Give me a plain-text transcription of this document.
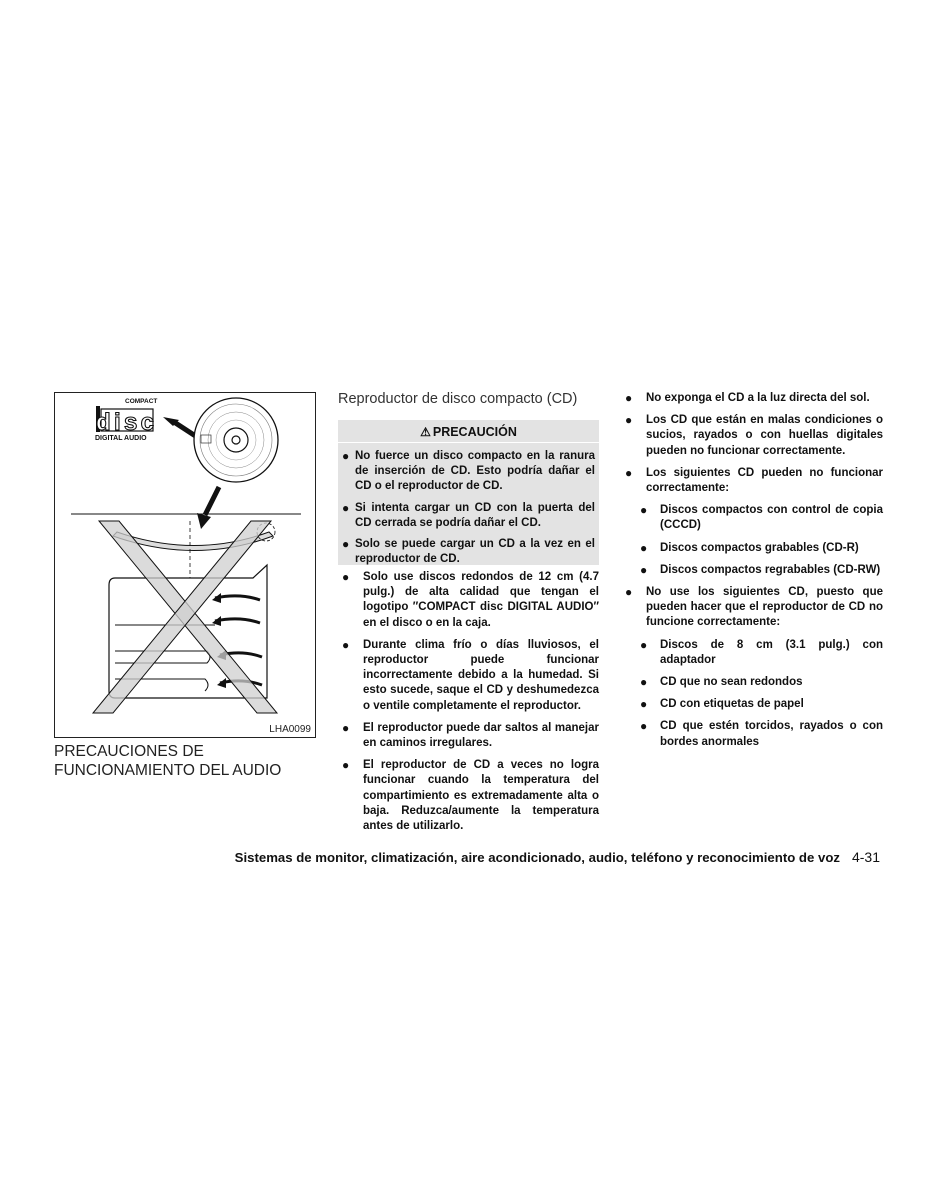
COMPACT
disc
DIGITAL AUDIO
LHA0099
PRECAUCIONES DE FUNCIONAMIENTO DEL AUDIO
Reproductor de disco compacto (CD)
⚠ PRECAUCIÓN
● No fuerce un disco compacto en la ranura de inserción de CD. Esto podría dañar el CD o el reproductor de CD.
● Si intenta cargar un CD con la puerta del CD cerrada se podría dañar el CD.
● Solo se puede cargar un CD a la vez en el reproductor de CD.
● Solo use discos redondos de 12 cm (4.7 pulg.) de alta calidad que tengan el logotipo ″COMPACT disc DIGITAL AUDIO″ en el disco o en la caja.
● Durante clima frío o días lluviosos, el reproductor puede funcionar incorrectamente debido a la humedad. Si esto sucede, saque el CD y deshumedezca o ventile completamente el reproductor.
● El reproductor puede dar saltos al manejar en caminos irregulares.
● El reproductor de CD a veces no logra funcionar cuando la temperatura del compartimiento es extremadamente alta o baja. Reduzca/aumente la temperatura antes de utilizarlo.
● No exponga el CD a la luz directa del sol.
● Los CD que están en malas condiciones o sucios, rayados o con huellas digitales pueden no funcionar correctamente.
● Los siguientes CD pueden no funcionar correctamente:
● Discos compactos con control de copia (CCCD)
● Discos compactos grabables (CD-R)
● Discos compactos regrabables (CD-RW)
● No use los siguientes CD, puesto que pueden hacer que el reproductor de CD no funcione correctamente:
● Discos de 8 cm (3.1 pulg.) con adaptador
● CD que no sean redondos
● CD con etiquetas de papel
● CD que estén torcidos, rayados o con bordes anormales
Sistemas de monitor, climatización, aire acondicionado, audio, teléfono y reconocimiento de voz 4-31
